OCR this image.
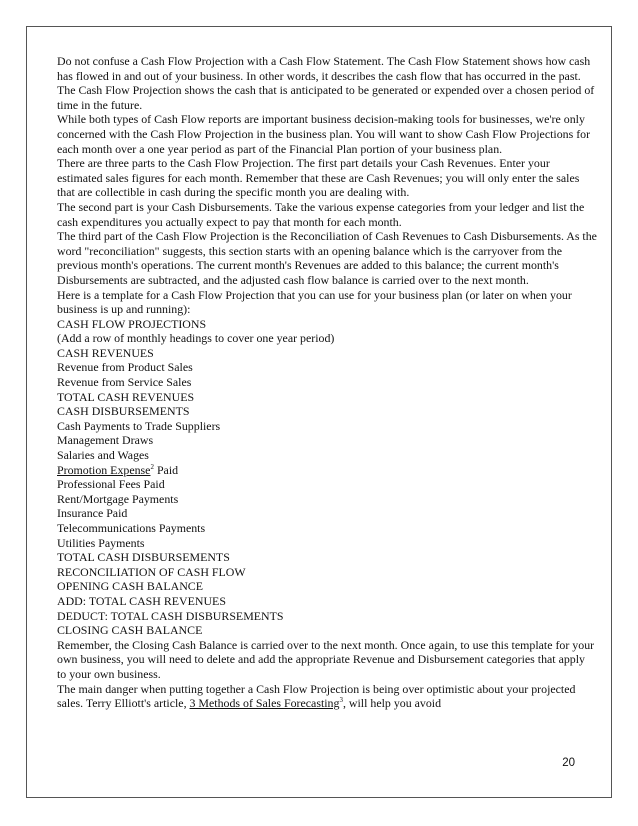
Do not confuse a Cash Flow Projection with a Cash Flow Statement. The Cash Flow Statement shows how cash has flowed in and out of your business. In other words, it describes the cash flow that has occurred in the past. The Cash Flow Projection shows the cash that is anticipated to be generated or expended over a chosen period of time in the future.

While both types of Cash Flow reports are important business decision-making tools for businesses, we're only concerned with the Cash Flow Projection in the business plan. You will want to show Cash Flow Projections for each month over a one year period as part of the Financial Plan portion of your business plan.

There are three parts to the Cash Flow Projection. The first part details your Cash Revenues. Enter your estimated sales figures for each month. Remember that these are Cash Revenues; you will only enter the sales that are collectible in cash during the specific month you are dealing with.

The second part is your Cash Disbursements. Take the various expense categories from your ledger and list the cash expenditures you actually expect to pay that month for each month.

The third part of the Cash Flow Projection is the Reconciliation of Cash Revenues to Cash Disbursements. As the word "reconciliation" suggests, this section starts with an opening balance which is the carryover from the previous month's operations. The current month's Revenues are added to this balance; the current month's Disbursements are subtracted, and the adjusted cash flow balance is carried over to the next month.

Here is a template for a Cash Flow Projection that you can use for your business plan (or later on when your business is up and running):

CASH FLOW PROJECTIONS
(Add a row of monthly headings to cover one year period)
CASH REVENUES
Revenue from Product Sales
Revenue from Service Sales
TOTAL CASH REVENUES
CASH DISBURSEMENTS
Cash Payments to Trade Suppliers
Management Draws
Salaries and Wages
Promotion Expense$^2$ Paid
Professional Fees Paid
Rent/Mortgage Payments
Insurance Paid
Telecommunications Payments
Utilities Payments
TOTAL CASH DISBURSEMENTS
RECONCILIATION OF CASH FLOW
OPENING CASH BALANCE
ADD: TOTAL CASH REVENUES
DEDUCT: TOTAL CASH DISBURSEMENTS
CLOSING CASH BALANCE

Remember, the Closing Cash Balance is carried over to the next month. Once again, to use this template for your own business, you will need to delete and add the appropriate Revenue and Disbursement categories that apply to your own business.

The main danger when putting together a Cash Flow Projection is being over optimistic about your projected sales. Terry Elliott's article, 3 Methods of Sales Forecasting$^3$, will help you avoid

20
